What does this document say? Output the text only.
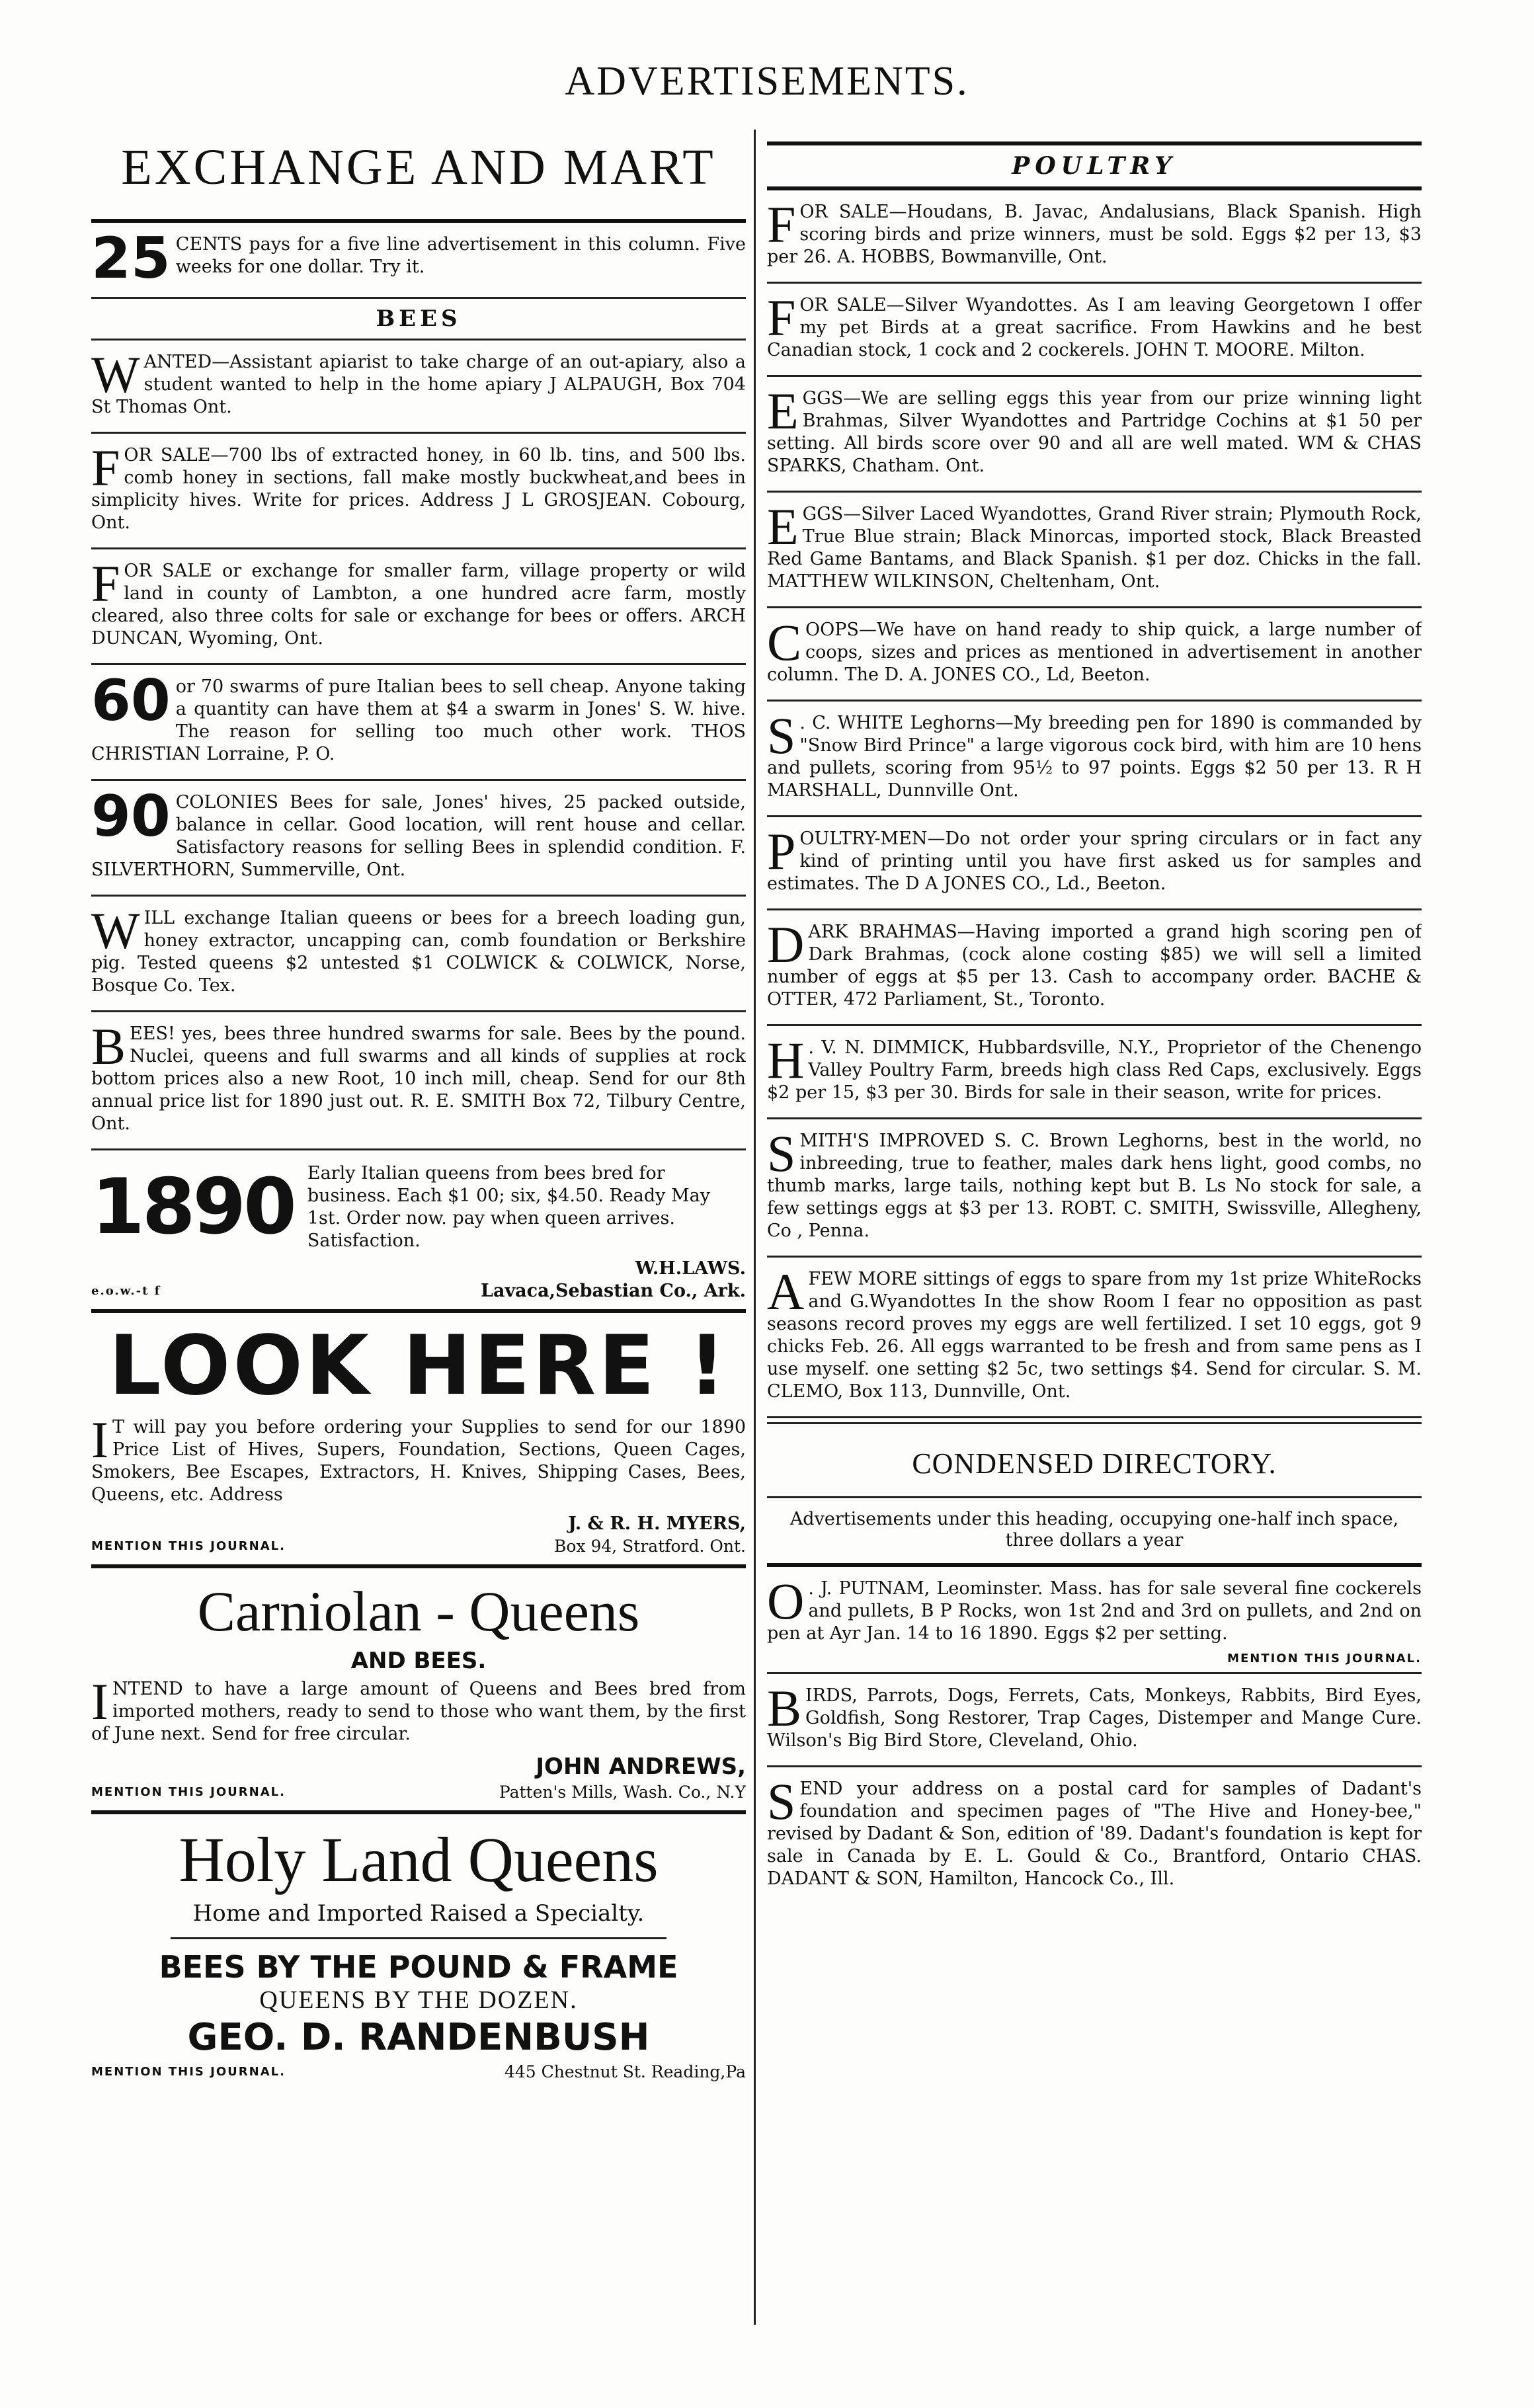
ADVERTISEMENTS.
EXCHANGE AND MART
25 CENTS pays for a five line advertisement in this column. Five weeks for one dollar. Try it.
BEES
WANTED—Assistant apiarist to take charge of an out-apiary, also a student wanted to help in the home apiary J ALPAUGH, Box 704 St Thomas Ont.
FOR SALE—700 lbs of extracted honey, in 60 lb. tins, and 500 lbs. comb honey in sections, fall make mostly buckwheat,and bees in simplicity hives. Write for prices. Address J L GROSJEAN. Cobourg, Ont.
FOR SALE or exchange for smaller farm, village property or wild land in county of Lambton, a one hundred acre farm, mostly cleared, also three colts for sale or exchange for bees or offers. ARCH DUNCAN, Wyoming, Ont.
60 or 70 swarms of pure Italian bees to sell cheap. Anyone taking a quantity can have them at $4 a swarm in Jones' S. W. hive. The reason for selling too much other work. THOS CHRISTIAN Lorraine, P. O.
90 COLONIES Bees for sale, Jones' hives, 25 packed outside, balance in cellar. Good location, will rent house and cellar. Satisfactory reasons for selling Bees in splendid condition. F. SILVERTHORN, Summerville, Ont.
WILL exchange Italian queens or bees for a breech loading gun, honey extractor, uncapping can, comb foundation or Berkshire pig. Tested queens $2 untested $1 COLWICK & COLWICK, Norse, Bosque Co. Tex.
BEES! yes, bees three hundred swarms for sale. Bees by the pound. Nuclei, queens and full swarms and all kinds of supplies at rock bottom prices also a new Root, 10 inch mill, cheap. Send for our 8th annual price list for 1890 just out. R. E. SMITH Box 72, Tilbury Centre, Ont.
1890 Early Italian queens from bees bred for business. Each $1 00; six, $4.50. Ready May 1st. Order now. pay when queen arrives. Satisfaction.
W.H.LAWS.
e.o.w.-t f	Lavaca,Sebastian Co., Ark.
LOOK HERE !
I T will pay you before ordering your Supplies to send for our 1890 Price List of Hives, Supers, Foundation, Sections, Queen Cages, Smokers, Bee Escapes, Extractors, H. Knives, Shipping Cases, Bees, Queens, etc. Address
J. & R. H. MYERS,
MENTION THIS JOURNAL.	Box 94, Stratford. Ont.
Carniolan - Queens
AND BEES.
INTEND to have a large amount of Queens and Bees bred from imported mothers, ready to send to those who want them, by the first of June next. Send for free circular.
JOHN ANDREWS,
MENTION THIS JOURNAL.	Patten's Mills, Wash. Co., N.Y
Holy Land Queens
Home and Imported Raised a Specialty.
BEES BY THE POUND & FRAME
QUEENS BY THE DOZEN.
GEO. D. RANDENBUSH
MENTION THIS JOURNAL.	445 Chestnut St. Reading,Pa
POULTRY
FOR SALE—Houdans, B. Javac, Andalusians, Black Spanish. High scoring birds and prize winners, must be sold. Eggs $2 per 13, $3 per 26. A. HOBBS, Bowmanville, Ont.
FOR SALE—Silver Wyandottes. As I am leaving Georgetown I offer my pet Birds at a great sacrifice. From Hawkins and he best Canadian stock, 1 cock and 2 cockerels. JOHN T. MOORE. Milton.
EGGS—We are selling eggs this year from our prize winning light Brahmas, Silver Wyandottes and Partridge Cochins at $1 50 per setting. All birds score over 90 and all are well mated. WM & CHAS SPARKS, Chatham. Ont.
EGGS—Silver Laced Wyandottes, Grand River strain; Plymouth Rock, True Blue strain; Black Minorcas, imported stock, Black Breasted Red Game Bantams, and Black Spanish. $1 per doz. Chicks in the fall. MATTHEW WILKINSON, Cheltenham, Ont.
COOPS—We have on hand ready to ship quick, a large number of coops, sizes and prices as mentioned in advertisement in another column. The D. A. JONES CO., Ld, Beeton.
S . C. WHITE Leghorns—My breeding pen for 1890 is commanded by "Snow Bird Prince" a large vigorous cock bird, with him are 10 hens and pullets, scoring from 95½ to 97 points. Eggs $2 50 per 13. R H MARSHALL, Dunnville Ont.
POULTRY-MEN—Do not order your spring circulars or in fact any kind of printing until you have first asked us for samples and estimates. The D A JONES CO., Ld., Beeton.
DARK BRAHMAS—Having imported a grand high scoring pen of Dark Brahmas, (cock alone costing $85) we will sell a limited number of eggs at $5 per 13. Cash to accompany order. BACHE & OTTER, 472 Parliament, St., Toronto.
H . V. N. DIMMICK, Hubbardsville, N.Y., Proprietor of the Chenengo Valley Poultry Farm, breeds high class Red Caps, exclusively. Eggs $2 per 15, $3 per 30. Birds for sale in their season, write for prices.
SMITH'S IMPROVED S. C. Brown Leghorns, best in the world, no inbreeding, true to feather, males dark hens light, good combs, no thumb marks, large tails, nothing kept but B. Ls No stock for sale, a few settings eggs at $3 per 13. ROBT. C. SMITH, Swissville, Allegheny, Co , Penna.
AFEW MORE sittings of eggs to spare from my 1st prize WhiteRocks and G.Wyandottes In the show Room I fear no opposition as past seasons record proves my eggs are well fertilized. I set 10 eggs, got 9 chicks Feb. 26. All eggs warranted to be fresh and from same pens as I use myself. one setting $2 5c, two settings $4. Send for circular. S. M. CLEMO, Box 113, Dunnville, Ont.
CONDENSED DIRECTORY.
Advertisements under this heading, occupying one-half inch space, three dollars a year
O . J. PUTNAM, Leominster. Mass. has for sale several fine cockerels and pullets, B P Rocks, won 1st 2nd and 3rd on pullets, and 2nd on pen at Ayr Jan. 14 to 16 1890. Eggs $2 per setting.
MENTION THIS JOURNAL.
BIRDS, Parrots, Dogs, Ferrets, Cats, Monkeys, Rabbits, Bird Eyes, Goldfish, Song Restorer, Trap Cages, Distemper and Mange Cure. Wilson's Big Bird Store, Cleveland, Ohio.
SEND your address on a postal card for samples of Dadant's foundation and specimen pages of "The Hive and Honey-bee," revised by Dadant & Son, edition of '89. Dadant's foundation is kept for sale in Canada by E. L. Gould & Co., Brantford, Ontario CHAS. DADANT & SON, Hamilton, Hancock Co., Ill.
